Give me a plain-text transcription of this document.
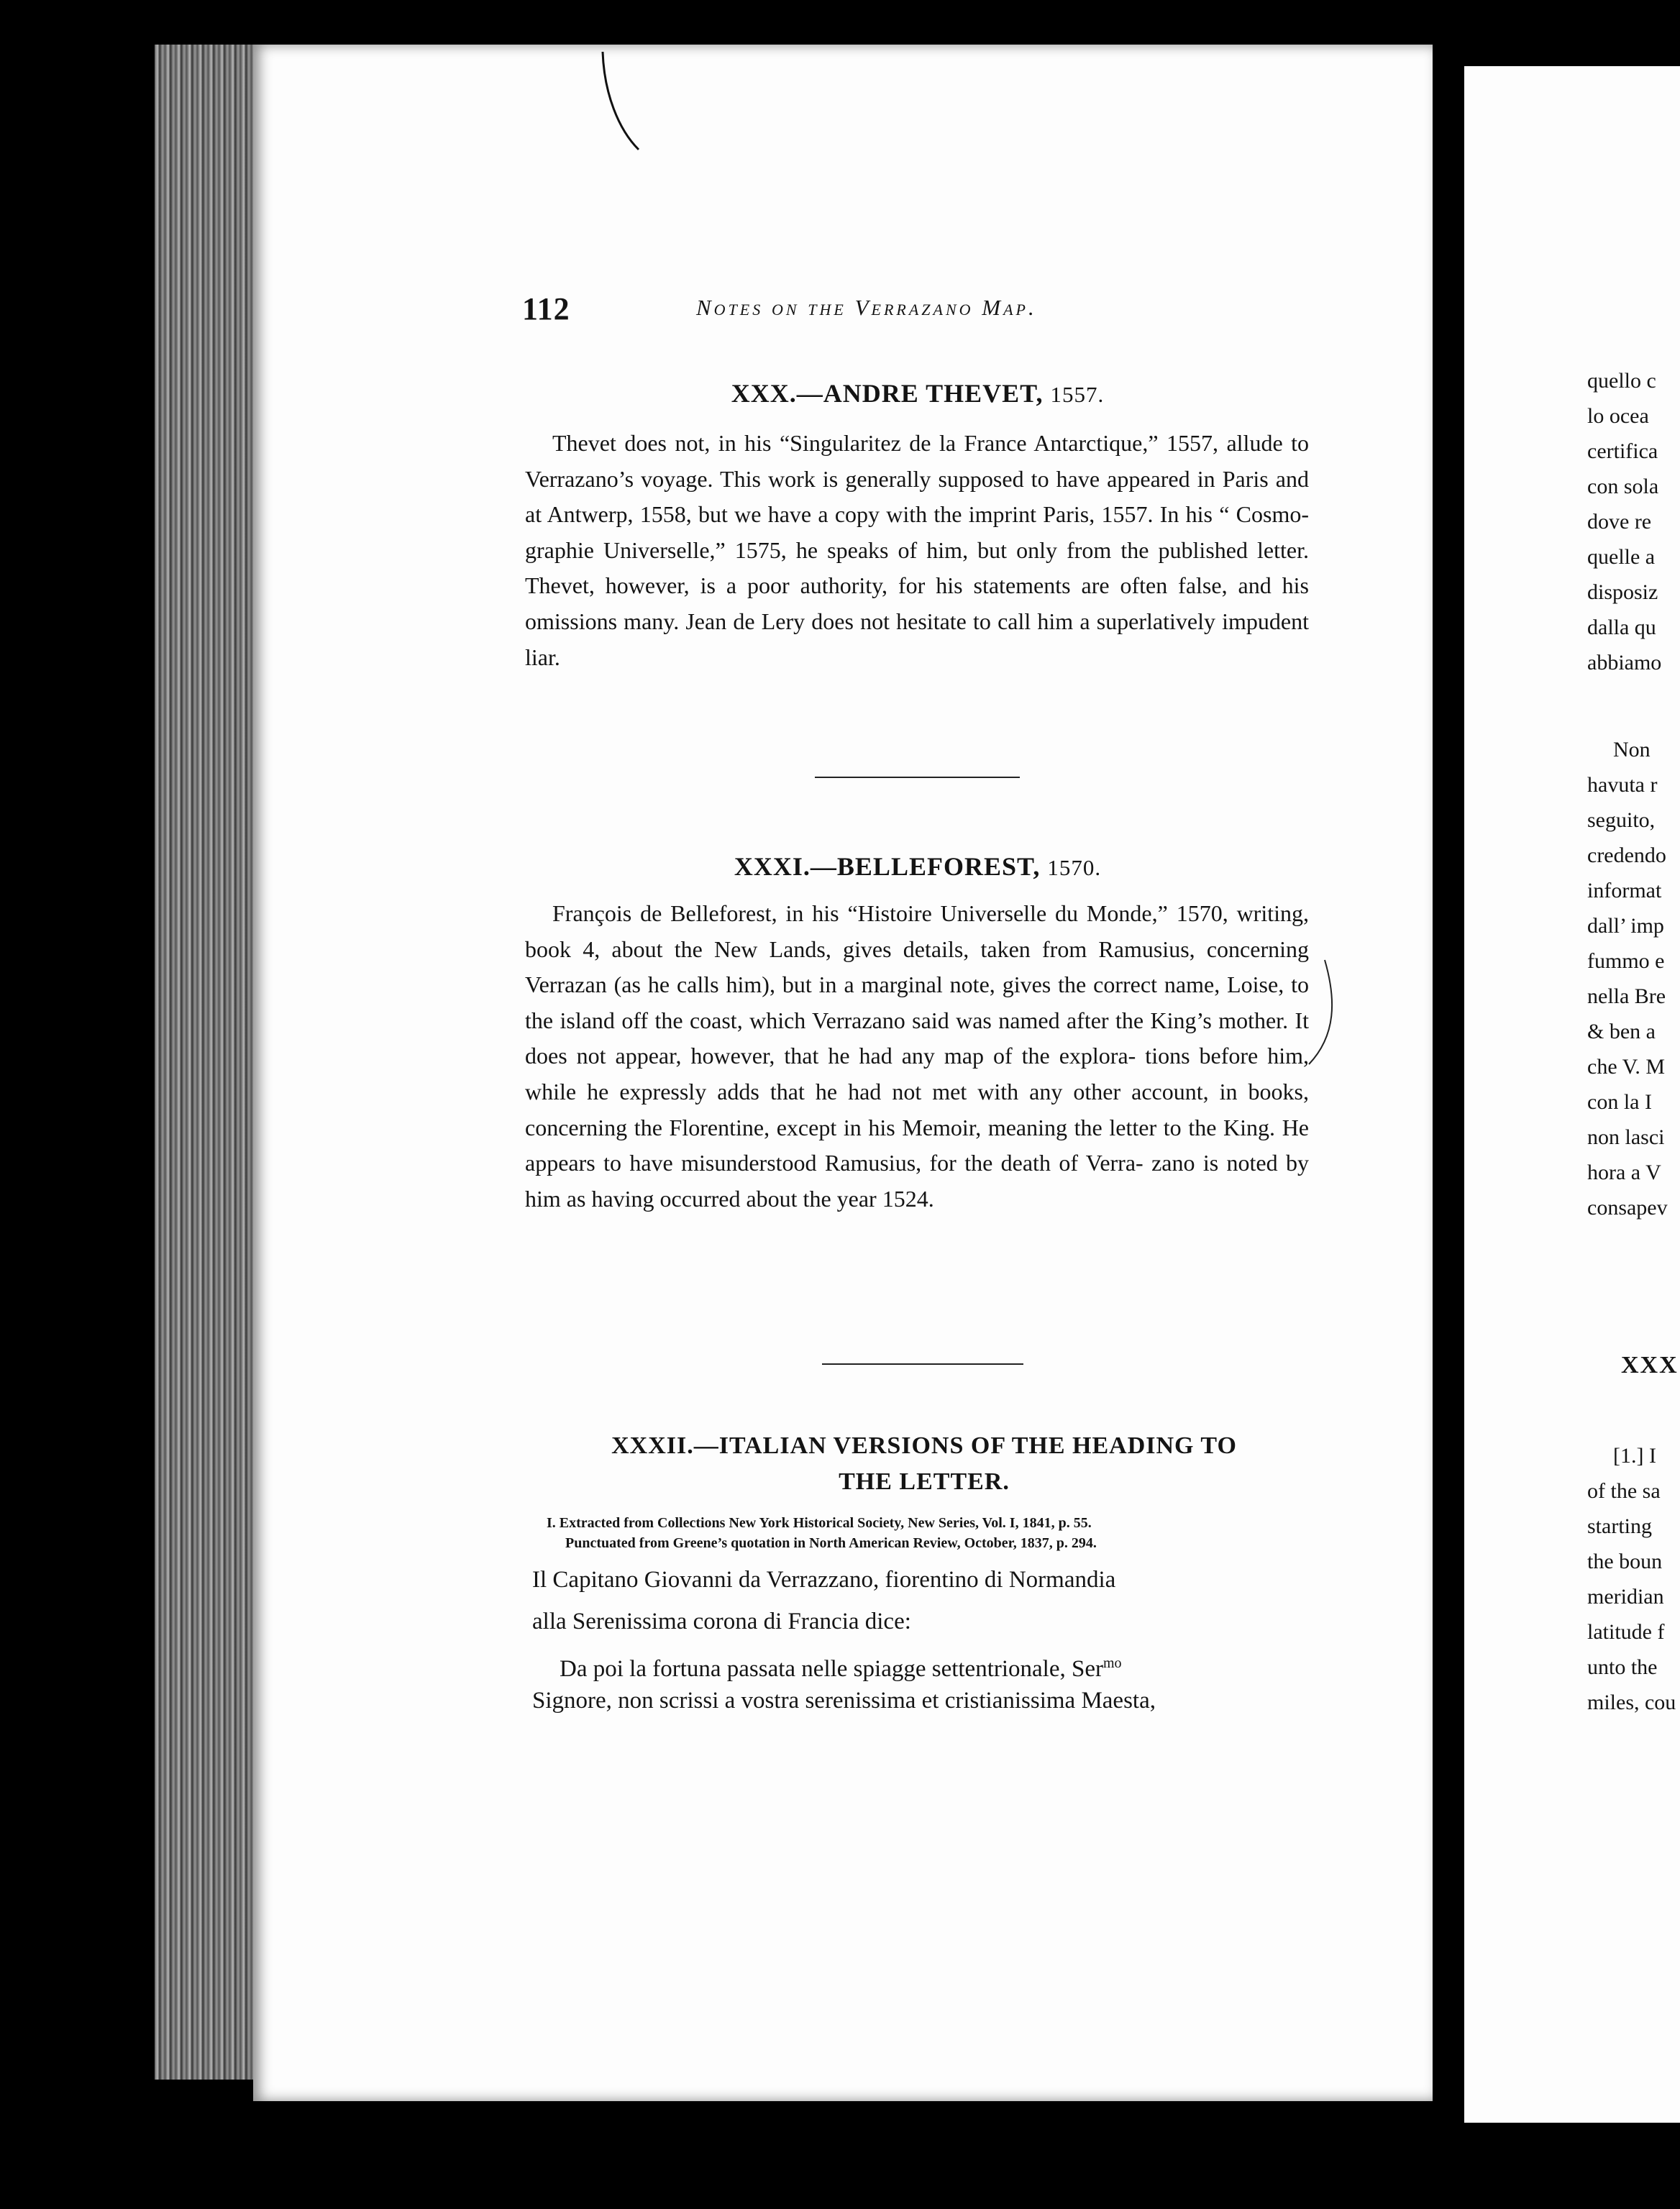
112	Notes on the Verrazano Map.
XXX.—ANDRE THEVET, 1557.

Thevet does not, in his “Singularitez de la France Antarctique,” 1557, allude to Verrazano’s voyage. This work is generally supposed to have appeared in Paris and at Antwerp, 1558, but we have a copy with the imprint Paris, 1557. In his “ Cosmo- graphie Universelle,” 1575, he speaks of him, but only from the published letter. Thevet, however, is a poor authority, for his statements are often false, and his omissions many. Jean de Lery does not hesitate to call him a superlatively impudent liar.

XXXI.—BELLEFOREST, 1570.

François de Belleforest, in his “Histoire Universelle du Monde,” 1570, writing, book 4, about the New Lands, gives details, taken from Ramusius, concerning Verrazan (as he calls him), but in a marginal note, gives the correct name, Loise, to the island off the coast, which Verrazano said was named after the King’s mother. It does not appear, however, that he had any map of the explora- tions before him, while he expressly adds that he had not met with any other account, in books, concerning the Florentine, except in his Memoir, meaning the letter to the King. He appears to have misunderstood Ramusius, for the death of Verra- zano is noted by him as having occurred about the year 1524.

XXXII.—ITALIAN VERSIONS OF THE HEADING TO
THE LETTER.

I. Extracted from Collections New York Historical Society, New Series, Vol. I, 1841, p. 55.
Punctuated from Greene’s quotation in North American Review, October, 1837, p. 294.

Il Capitano Giovanni da Verrazzano, fiorentino di Normandia

alla Serenissima corona di Francia dice:

Da poi la fortuna passata nelle spiagge settentrionale, Ser$^{mo}$

Signore, non scrissi a vostra serenissima et cristianissima Maesta,

quello c
lo ocea
certifica
con sola
dove re
quelle a
disposiz
dalla qu
abbiamo
Non
havuta r
seguito,
credendo
informat
dall’ imp
fummo e
nella Bre
& ben a
che V. M
con la I
non lasci
hora a V
consapev
XXX
[1.] I
of the sa
starting
the boun
meridian
latitude f
unto the
miles, cou
